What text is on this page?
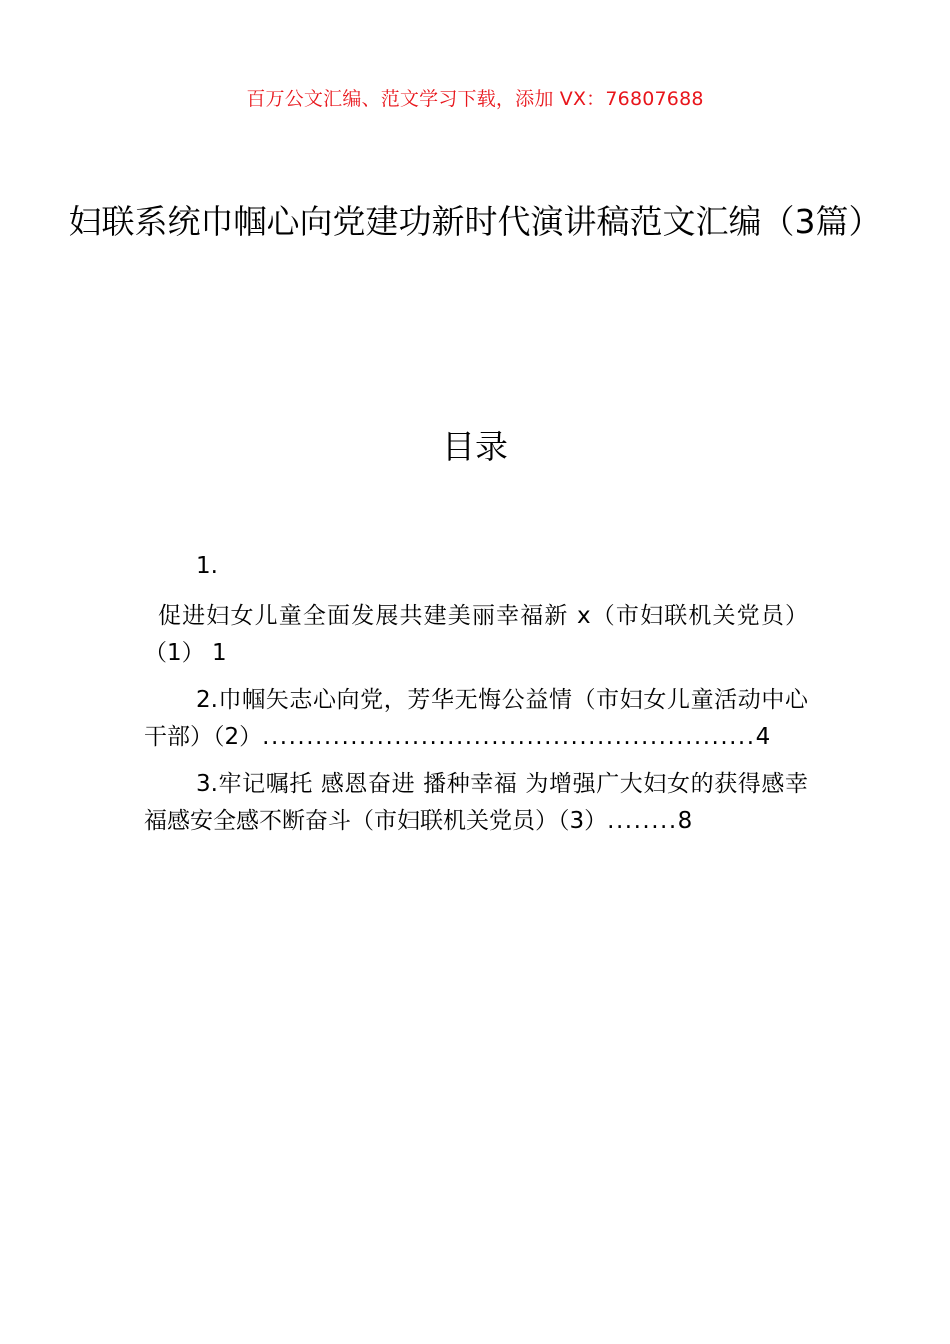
百万公文汇编、范文学习下载，添加 VX：76807688
妇联系统巾帼心向党建功新时代演讲稿范文汇编（3篇）
目录
1.

促进妇女儿童全面发展共建美丽幸福新 x（市妇联机关党员）（1） 1

2.巾帼矢志心向党，芳华无悔公益情（市妇女儿童活动中心干部）（2）........................................................4

3.牢记嘱托 感恩奋进 播种幸福 为增强广大妇女的获得感幸福感安全感不断奋斗（市妇联机关党员）（3）........8
